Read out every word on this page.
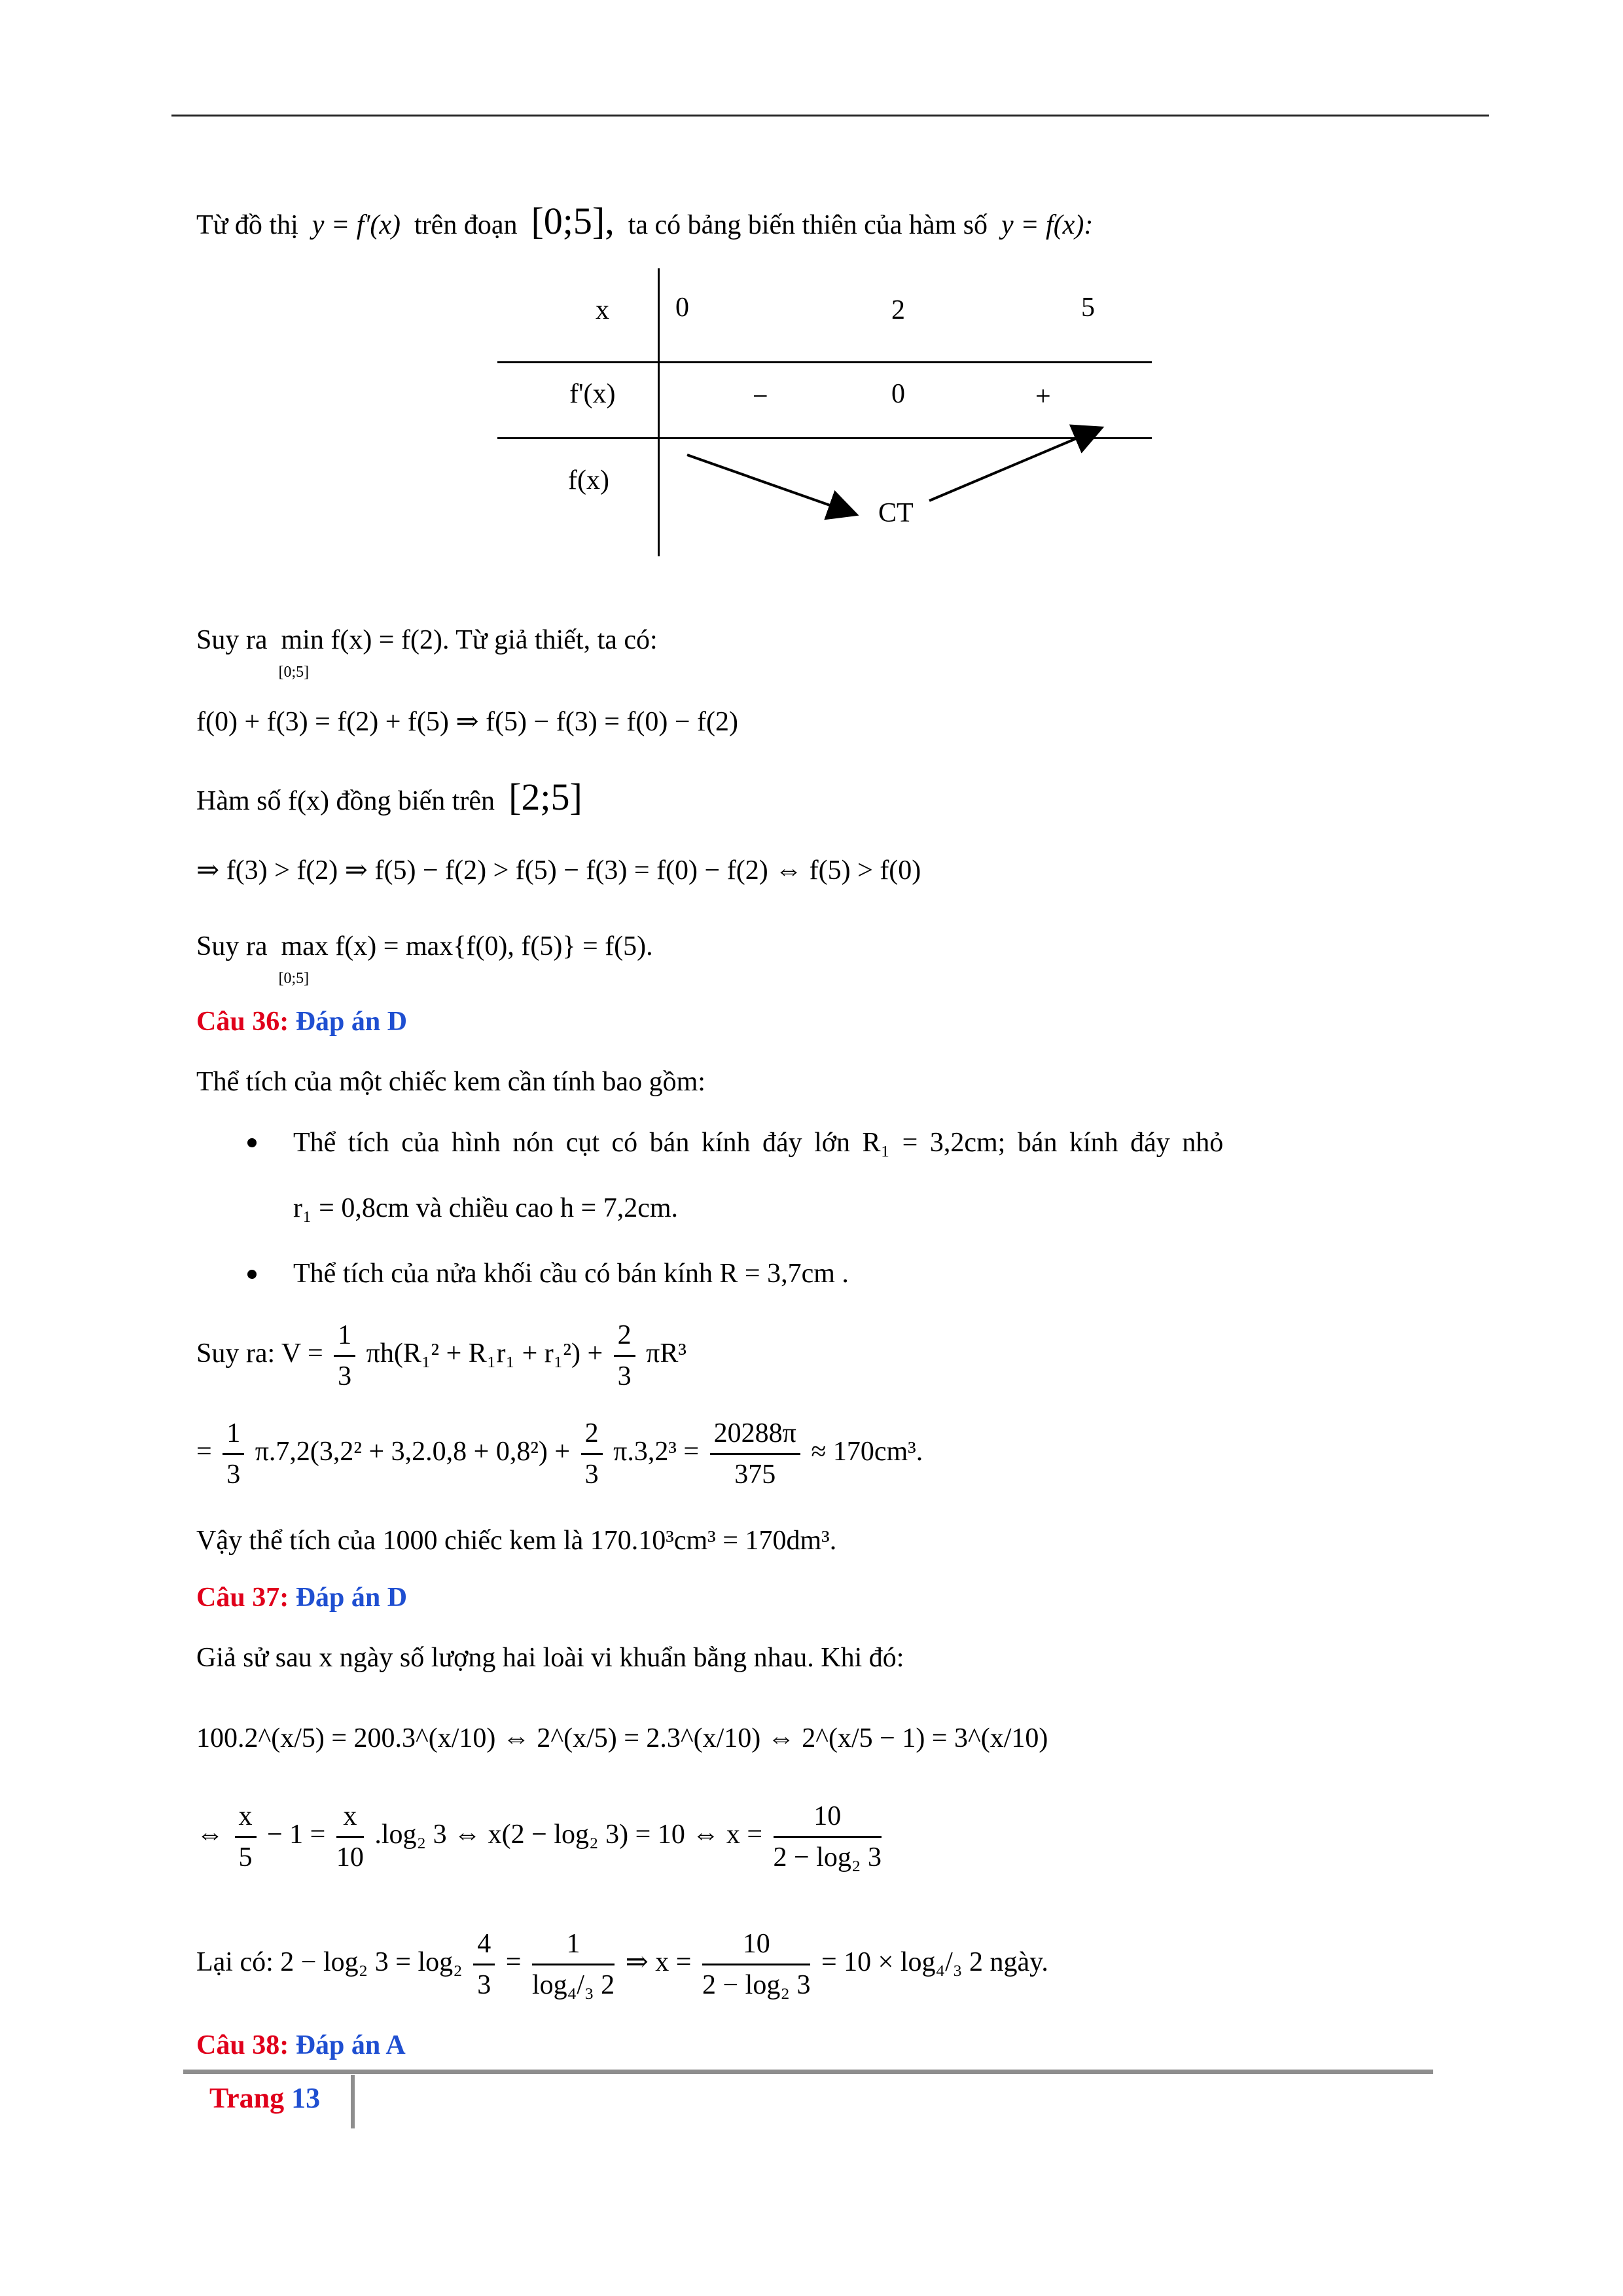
Từ đồ thị y = f'(x) trên đoạn [0;5], ta có bảng biến thiên của hàm số y = f(x):
x 0	2	5
f'(x)	−	0	+
f(x)
CT
Suy ra min
[0;5]
f(x) = f(2). Từ giả thiết, ta có:
f(0) + f(3) = f(2) + f(5) ⇒ f(5) − f(3) = f(0) − f(2)
Hàm số f(x) đồng biến trên [2;5]
⇒ f(3) > f(2) ⇒ f(5) − f(2) > f(5) − f(3) = f(0) − f(2) ⇔ f(5) > f(0)
Suy ra max
[0;5]
f(x) = max{f(0), f(5)} = f(5).
Câu 36: Đáp án D
Thể tích của một chiếc kem cần tính bao gồm:
Thể tích của hình nón cụt có bán kính đáy lớn R₁ = 3,2cm; bán kính đáy nhỏ
r₁ = 0,8cm và chiều cao h = 7,2cm.
Thể tích của nửa khối cầu có bán kính R = 3,7cm .
Suy ra: $V = \frac{1}{3} \pi h(R_1^2 + R_1r_1 + r_1^2) + \frac{2}{3} \pi R^3$
= $\frac{1}{3} \pi.7,2(3,2^2 + 3,2.0,8 + 0,8^2) + \frac{2}{3} \pi.3,2^3 = \frac{20288\pi}{375} \approx 170cm^3$.
Vậy thể tích của 1000 chiếc kem là 170.10³cm³ = 170dm³.
Câu 37: Đáp án D
Giả sử sau x ngày số lượng hai loài vi khuẩn bằng nhau. Khi đó:
100.2^(x/5) = 200.3^(x/10) ⇔ 2^(x/5) = 2.3^(x/10) ⇔ 2^(x/5 − 1) = 3^(x/10)
⇔ $\frac{x}{5} - 1 = \frac{x}{10} .\log_2$ 3 ⇔ x(2 − log₂ 3) = 10 ⇔ $x = \frac{10}{\text{2 − log₂ 3}}$
Lại có: 2 − log₂ $3 = \log_2 \frac{4}{3} = \frac{1}{\text{log₄/₃ 2}}$ ⇒ $x = \frac{10}{\text{2 − log₂ 3}} = 10 \times \log_4/_3$ 2 ngày.
Câu 38: Đáp án A
Trang 13
